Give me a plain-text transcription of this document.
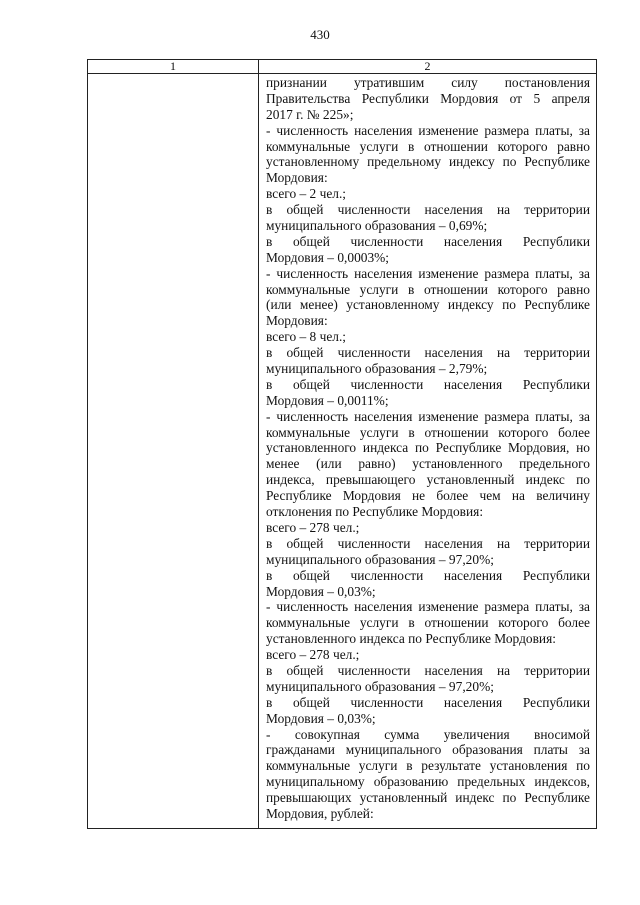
430
1	2
признании утратившим силу постановления
Правительства Республики Мордовия от 5 апреля
2017 г. № 225»;
- численность населения изменение размера платы, за
коммунальные услуги в отношении которого равно
установленному предельному индексу по Республике
Мордовия:
всего – 2 чел.;
в общей численности населения на территории
муниципального образования – 0,69%;
в общей численности населения Республики
Мордовия – 0,0003%;
- численность населения изменение размера платы, за
коммунальные услуги в отношении которого равно
(или менее) установленному индексу по Республике
Мордовия:
всего – 8 чел.;
в общей численности населения на территории
муниципального образования – 2,79%;
в общей численности населения Республики
Мордовия – 0,0011%;
- численность населения изменение размера платы, за
коммунальные услуги в отношении которого более
установленного индекса по Республике Мордовия, но
менее (или равно) установленного предельного
индекса, превышающего установленный индекс по
Республике Мордовия не более чем на величину
отклонения по Республике Мордовия:
всего – 278 чел.;
в общей численности населения на территории
муниципального образования – 97,20%;
в общей численности населения Республики
Мордовия – 0,03%;
- численность населения изменение размера платы, за
коммунальные услуги в отношении которого более
установленного индекса по Республике Мордовия:
всего – 278 чел.;
в общей численности населения на территории
муниципального образования – 97,20%;
в общей численности населения Республики
Мордовия – 0,03%;
- совокупная сумма увеличения вносимой
гражданами муниципального образования платы за
коммунальные услуги в результате установления по
муниципальному образованию предельных индексов,
превышающих установленный индекс по Республике
Мордовия, рублей:
